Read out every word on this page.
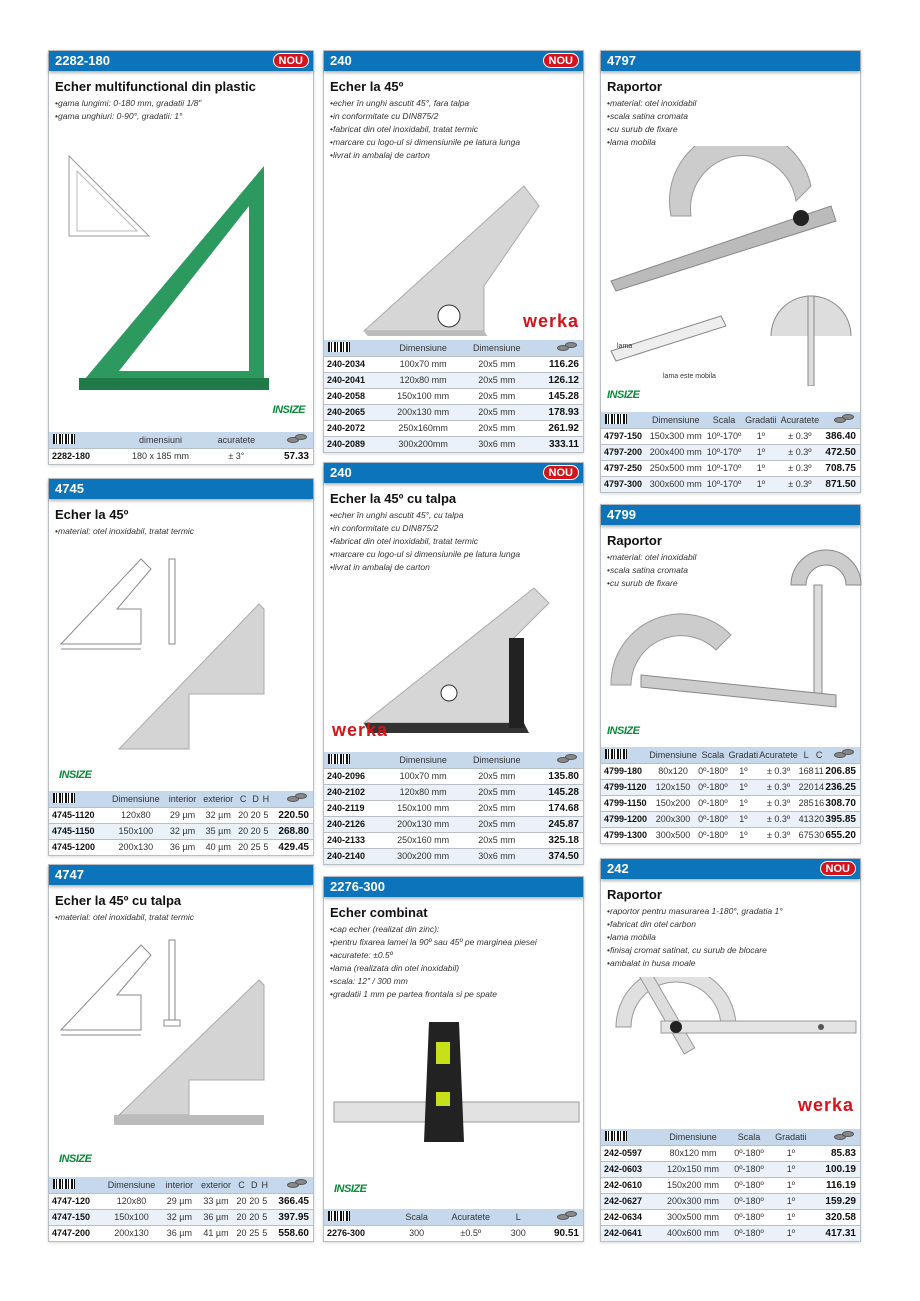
2282-180	NOU
Echer multifunctional din plastic
• gama lungimi: 0-180 mm, gradatii 1/8"
• gama unghiuri: 0-90°, gradatii: 1°
INSIZE
	dimensiuni	acuratete	

2282-180	180 x 185 mm	± 3°	57.33
240	NOU
Echer la 45º
• echer în unghi ascutit 45°, fara talpa
• in conformitate cu DIN875/2
• fabricat din otel inoxidabil, tratat termic
• marcare cu logo-ul si dimensiunile pe latura lunga
• livrat in ambalaj de carton
werka
	Dimensiune	Dimensiune	

240-2034	100x70 mm	20x5 mm	116.26
240-2041	120x80 mm	20x5 mm	126.12
240-2058	150x100 mm	20x5 mm	145.28
240-2065	200x130 mm	20x5 mm	178.93
240-2072	250x160mm	20x5 mm	261.92
240-2089	300x200mm	30x6 mm	333.11
4797
Raportor
• material: otel inoxidabil
• scala satina cromata
• cu surub de fixare
• lama mobila
lama
lama este mobila
INSIZE
	Dimensiune	Scala	Gradatii	Acuratete	

4797-150	150x300 mm	10º-170º	1º	± 0.3º	386.40
4797-200	200x400 mm	10º-170º	1º	± 0.3º	472.50
4797-250	250x500 mm	10º-170º	1º	± 0.3º	708.75
4797-300	300x600 mm	10º-170º	1º	± 0.3º	871.50
4745
Echer la 45º
• material: otel inoxidabil, tratat termic
INSIZE
	Dimensiune	interior	exterior	C	D	H	

4745-1120	120x80	29 µm	32 µm	20	20	5	220.50
4745-1150	150x100	32 µm	35 µm	20	20	5	268.80
4745-1200	200x130	36 µm	40 µm	20	25	5	429.45
240	NOU
Echer la 45º cu talpa
• echer în unghi ascutit 45°, cu talpa
• in conformitate cu DIN875/2
• fabricat din otel inoxidabil, tratat termic
• marcare cu logo-ul si dimensiunile pe latura lunga
• livrat in ambalaj de carton
werka
	Dimensiune	Dimensiune	

240-2096	100x70 mm	20x5 mm	135.80
240-2102	120x80 mm	20x5 mm	145.28
240-2119	150x100 mm	20x5 mm	174.68
240-2126	200x130 mm	20x5 mm	245.87
240-2133	250x160 mm	20x5 mm	325.18
240-2140	300x200 mm	30x6 mm	374.50
4799
Raportor
• material: otel inoxidabil
• scala satina cromata
• cu surub de fixare
INSIZE
	Dimensiune	Scala	Gradati	Acuratete	L	C	

4799-180	80x120	0º-180º	1º	± 0.3º	168	11	206.85
4799-1120	120x150	0º-180º	1º	± 0.3º	220	14	236.25
4799-1150	150x200	0º-180º	1º	± 0.3º	285	16	308.70
4799-1200	200x300	0º-180º	1º	± 0.3º	413	20	395.85
4799-1300	300x500	0º-180º	1º	± 0.3º	675	30	655.20
4747
Echer la 45º cu talpa
• material: otel inoxidabil, tratat termic
INSIZE
	Dimensiune	interior	exterior	C	D	H	

4747-120	120x80	29 µm	33 µm	20	20	5	366.45
4747-150	150x100	32 µm	36 µm	20	20	5	397.95
4747-200	200x130	36 µm	41 µm	20	25	5	558.60
2276-300
Echer combinat
• cap echer (realizat din zinc):
• pentru fixarea lamei la 90º sau 45º pe marginea piesei
• acuratete: ±0.5º
• lama (realizata din otel inoxidabil)
• scala: 12" / 300 mm
• gradatii 1 mm pe partea frontala si pe spate
INSIZE
	Scala	Acuratete	L	

2276-300	300	±0.5º	300	90.51
242	NOU
Raportor
• raportor pentru masurarea 1-180°, gradatia 1°
• fabricat din otel carbon
• lama mobila
• finisaj cromat satinat, cu surub de blocare
• ambalat in husa moale
werka
	Dimensiune	Scala	Gradatii	

242-0597	80x120 mm	0º-180º	1º	85.83
242-0603	120x150 mm	0º-180º	1º	100.19
242-0610	150x200 mm	0º-180º	1º	116.19
242-0627	200x300 mm	0º-180º	1º	159.29
242-0634	300x500 mm	0º-180º	1º	320.58
242-0641	400x600 mm	0º-180º	1º	417.31
